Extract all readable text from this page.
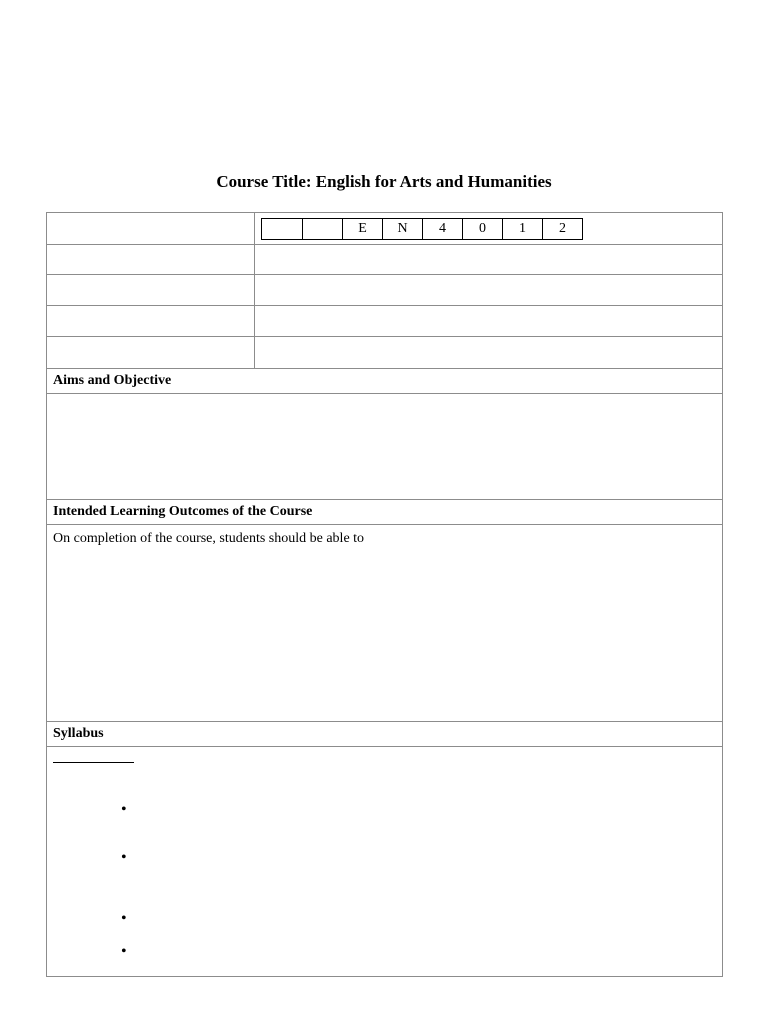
Course Title: English for Arts and Humanities
E	N	4	0	1	2
Aims and Objective
Intended Learning Outcomes of the Course
On completion of the course, students should be able to
Syllabus
•
•
•
•
